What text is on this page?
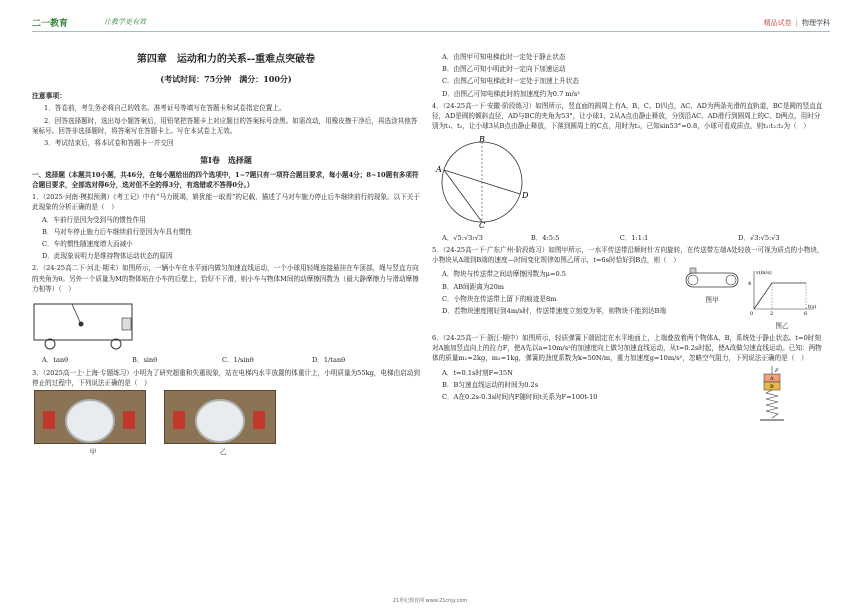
二一教育	让教学更有效	精品试卷 | 物理学科
第四章　运动和力的关系--重难点突破卷
(考试时间：75分钟　满分：100分)
注意事项：

1．答卷前，考生务必将自己的姓名、准考证号等填写在答题卡和试卷指定位置上。

2．回答选择题时，选出每小题答案后，用铅笔把答题卡上对应题目的答案标号涂黑。如需改动，用橡皮擦干净后，再选涂其他答案标号。回答非选择题时，将答案写在答题卡上。写在本试卷上无效。

3．考试结束后，将本试卷和答题卡一并交回

第Ⅰ卷　选择题

一、选择题（本题共10小题，共46分，在每小题给出的四个选项中，1~7题只有一项符合题目要求，每小题4分；8~10题有多项符合题目要求，全部选对得6分，选对但不全的得3分，有选错或不答得0分。）

1．（2025·河南·模拟预测）《考工记》中有“马力既竭，辀犹能一取焉”的记载，描述了马对车施力停止后车继续前行的现象。以下关于此现象的分析正确的是（　）

A．车前行是因为受到马的惯性作用

B．马对车停止施力后车继续前行是因为车具有惯性

C．车的惯性随速度增大而减小

D．此现象说明力是维持物体运动状态的原因

2．（24-25高二下·河北·期末）如图所示，一辆小车在水平面内做匀加速直线运动，一个小球用轻绳连接悬挂在车顶部，绳与竖直方向的夹角为θ。另外一个质量为M的物体贴在小车的后壁上，恰好不下滑，则小车与物体M间的动摩擦因数为（最大静摩擦力与滑动摩擦力相等）（　）

A．tanθ	B．sinθ	C．1/sinθ	D．1/tanθ

3．（2025高一上·上海·专题练习）小明为了研究超重和失重现象，站在电梯内水平放置的体重计上，小明质量为55kg，电梯由启动到停止的过程中，下列说法正确的是（　）

甲
	乙

A．由图甲可知电梯此时一定处于静止状态

B．由图乙可知小明此时一定向下加速运动

C．由图乙可知电梯此时一定处于加速上升状态

D．由图乙可知电梯此时的加速度约为0.7 m/s²

4．（24-25高一下·安徽·阶段练习）如图所示，竖直面的圆周上有A、B、C、D四点，AC、AD为两条光滑的直轨道，BC是圆的竖直直径，AD是圆的倾斜直径，AD与BC的夹角为53°，让小球1、2从A点由静止释放，分别沿AC、AD滑行到圆周上的C、D两点，用时分别为t₁、t₂，让小球3从B点由静止释放，下落到圆周上的C点，用时为t₃，已知sin53°=0.8，小球可看成质点，则t₁:t₂:t₃为（　）

A
B
C
D
A．√5:√3:√3	B．4:5:5	C．1:1:1	D．√3:√5:√3

5．（24-25高一下·广东广州·阶段练习）如图甲所示，一水平传送带沿顺时针方向旋转，在传送带左端A处轻放一可视为质点的小物块，小物块从A端到B端的速度—时间变化规律如图乙所示，t=6s时恰好到B点，则（　）

A．物块与传送带之间动摩擦因数为μ=0.5

B．AB间距离为20m

C．小物块在传送带上留下的痕迹是8m

D．若物块速度刚好到4m/s时，传送带速度立刻变为零，则物块不能到达B端

图甲
v(m/s)
t(s)
4
0	2	6
图乙

6．（24-25高一下·浙江·期中）如图所示，轻质弹簧下端固定在水平地面上，上端叠放着两个物体A、B，系统处于静止状态。t=0时刻对A施加竖直向上的拉力F，使A先以a=10m/s²的加速度向上做匀加速直线运动，从t=0.2s时起，使A改做匀速直线运动。已知：两物体的质量m₁=2kg，m₂=1kg，弹簧的劲度系数为k=50N/m，重力加速度g=10m/s²，忽略空气阻力，下列说法正确的是（　）

A．t=0.1s时刻F=35N

B．B匀速直线运动的时间为0.2s

C．A在0.2s-0.3s时间内F随时间t关系为F=100t-10

F
A
B
21世纪教育网 www.21cnjy.com
